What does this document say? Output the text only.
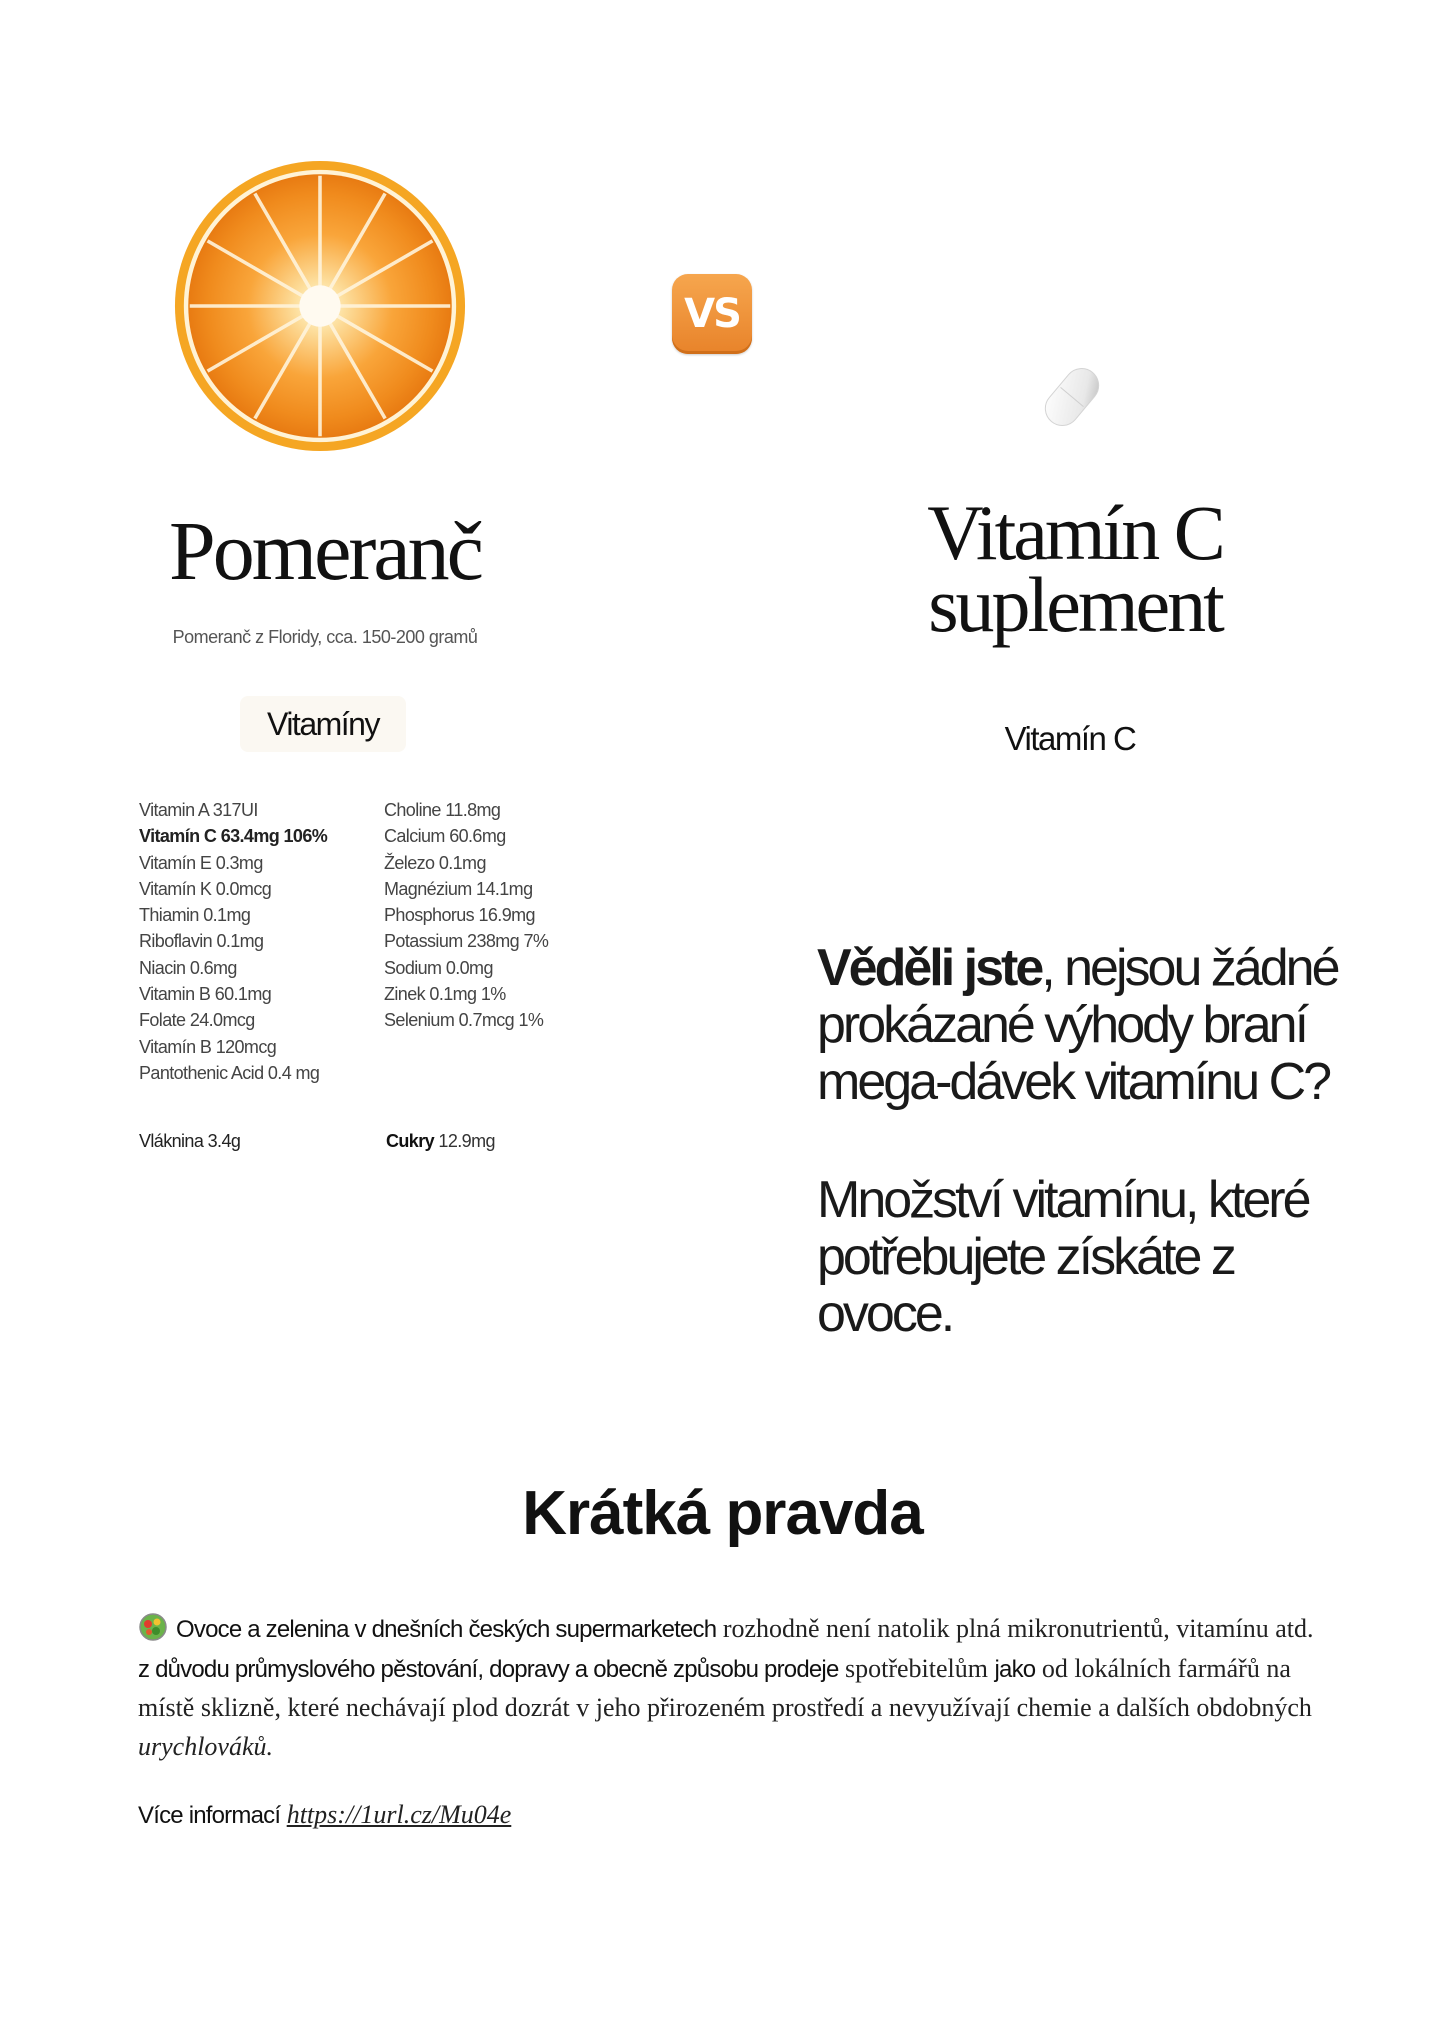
VS
Pomeranč
Pomeranč z Floridy, cca. 150-200 gramů
Vitamíny
Vitamín C
suplement
Vitamín C
Vitamin A 317UI
Vitamín C 63.4mg 106%
Vitamín E 0.3mg
Vitamín K 0.0mcg
Thiamin 0.1mg
Riboflavin 0.1mg
Niacin 0.6mg
Vitamin B 60.1mg
Folate 24.0mcg
Vitamín B 120mcg
Pantothenic Acid 0.4 mg
Choline 11.8mg
Calcium 60.6mg
Železo 0.1mg
Magnézium 14.1mg
Phosphorus 16.9mg
Potassium 238mg 7%
Sodium 0.0mg
Zinek 0.1mg 1%
Selenium 0.7mcg 1%
Vláknina 3.4g	Cukry 12.9mg
Věděli jste, nejsou žádné prokázané výhody braní mega-dávek vitamínu C?
Množství vitamínu, které potřebujete získáte z ovoce.
Krátká pravda
Ovoce a zelenina v dnešních českých supermarketech rozhodně není natolik plná mikronutrientů, vitamínu atd. z důvodu průmyslového pěstování, dopravy a obecně způsobu prodeje spotřebitelům jako od lokálních farmářů na místě sklizně, které nechávají plod dozrát v jeho přirozeném prostředí a nevyužívají chemie a dalších obdobných urychlováků.
Více informací https://1url.cz/Mu04e
